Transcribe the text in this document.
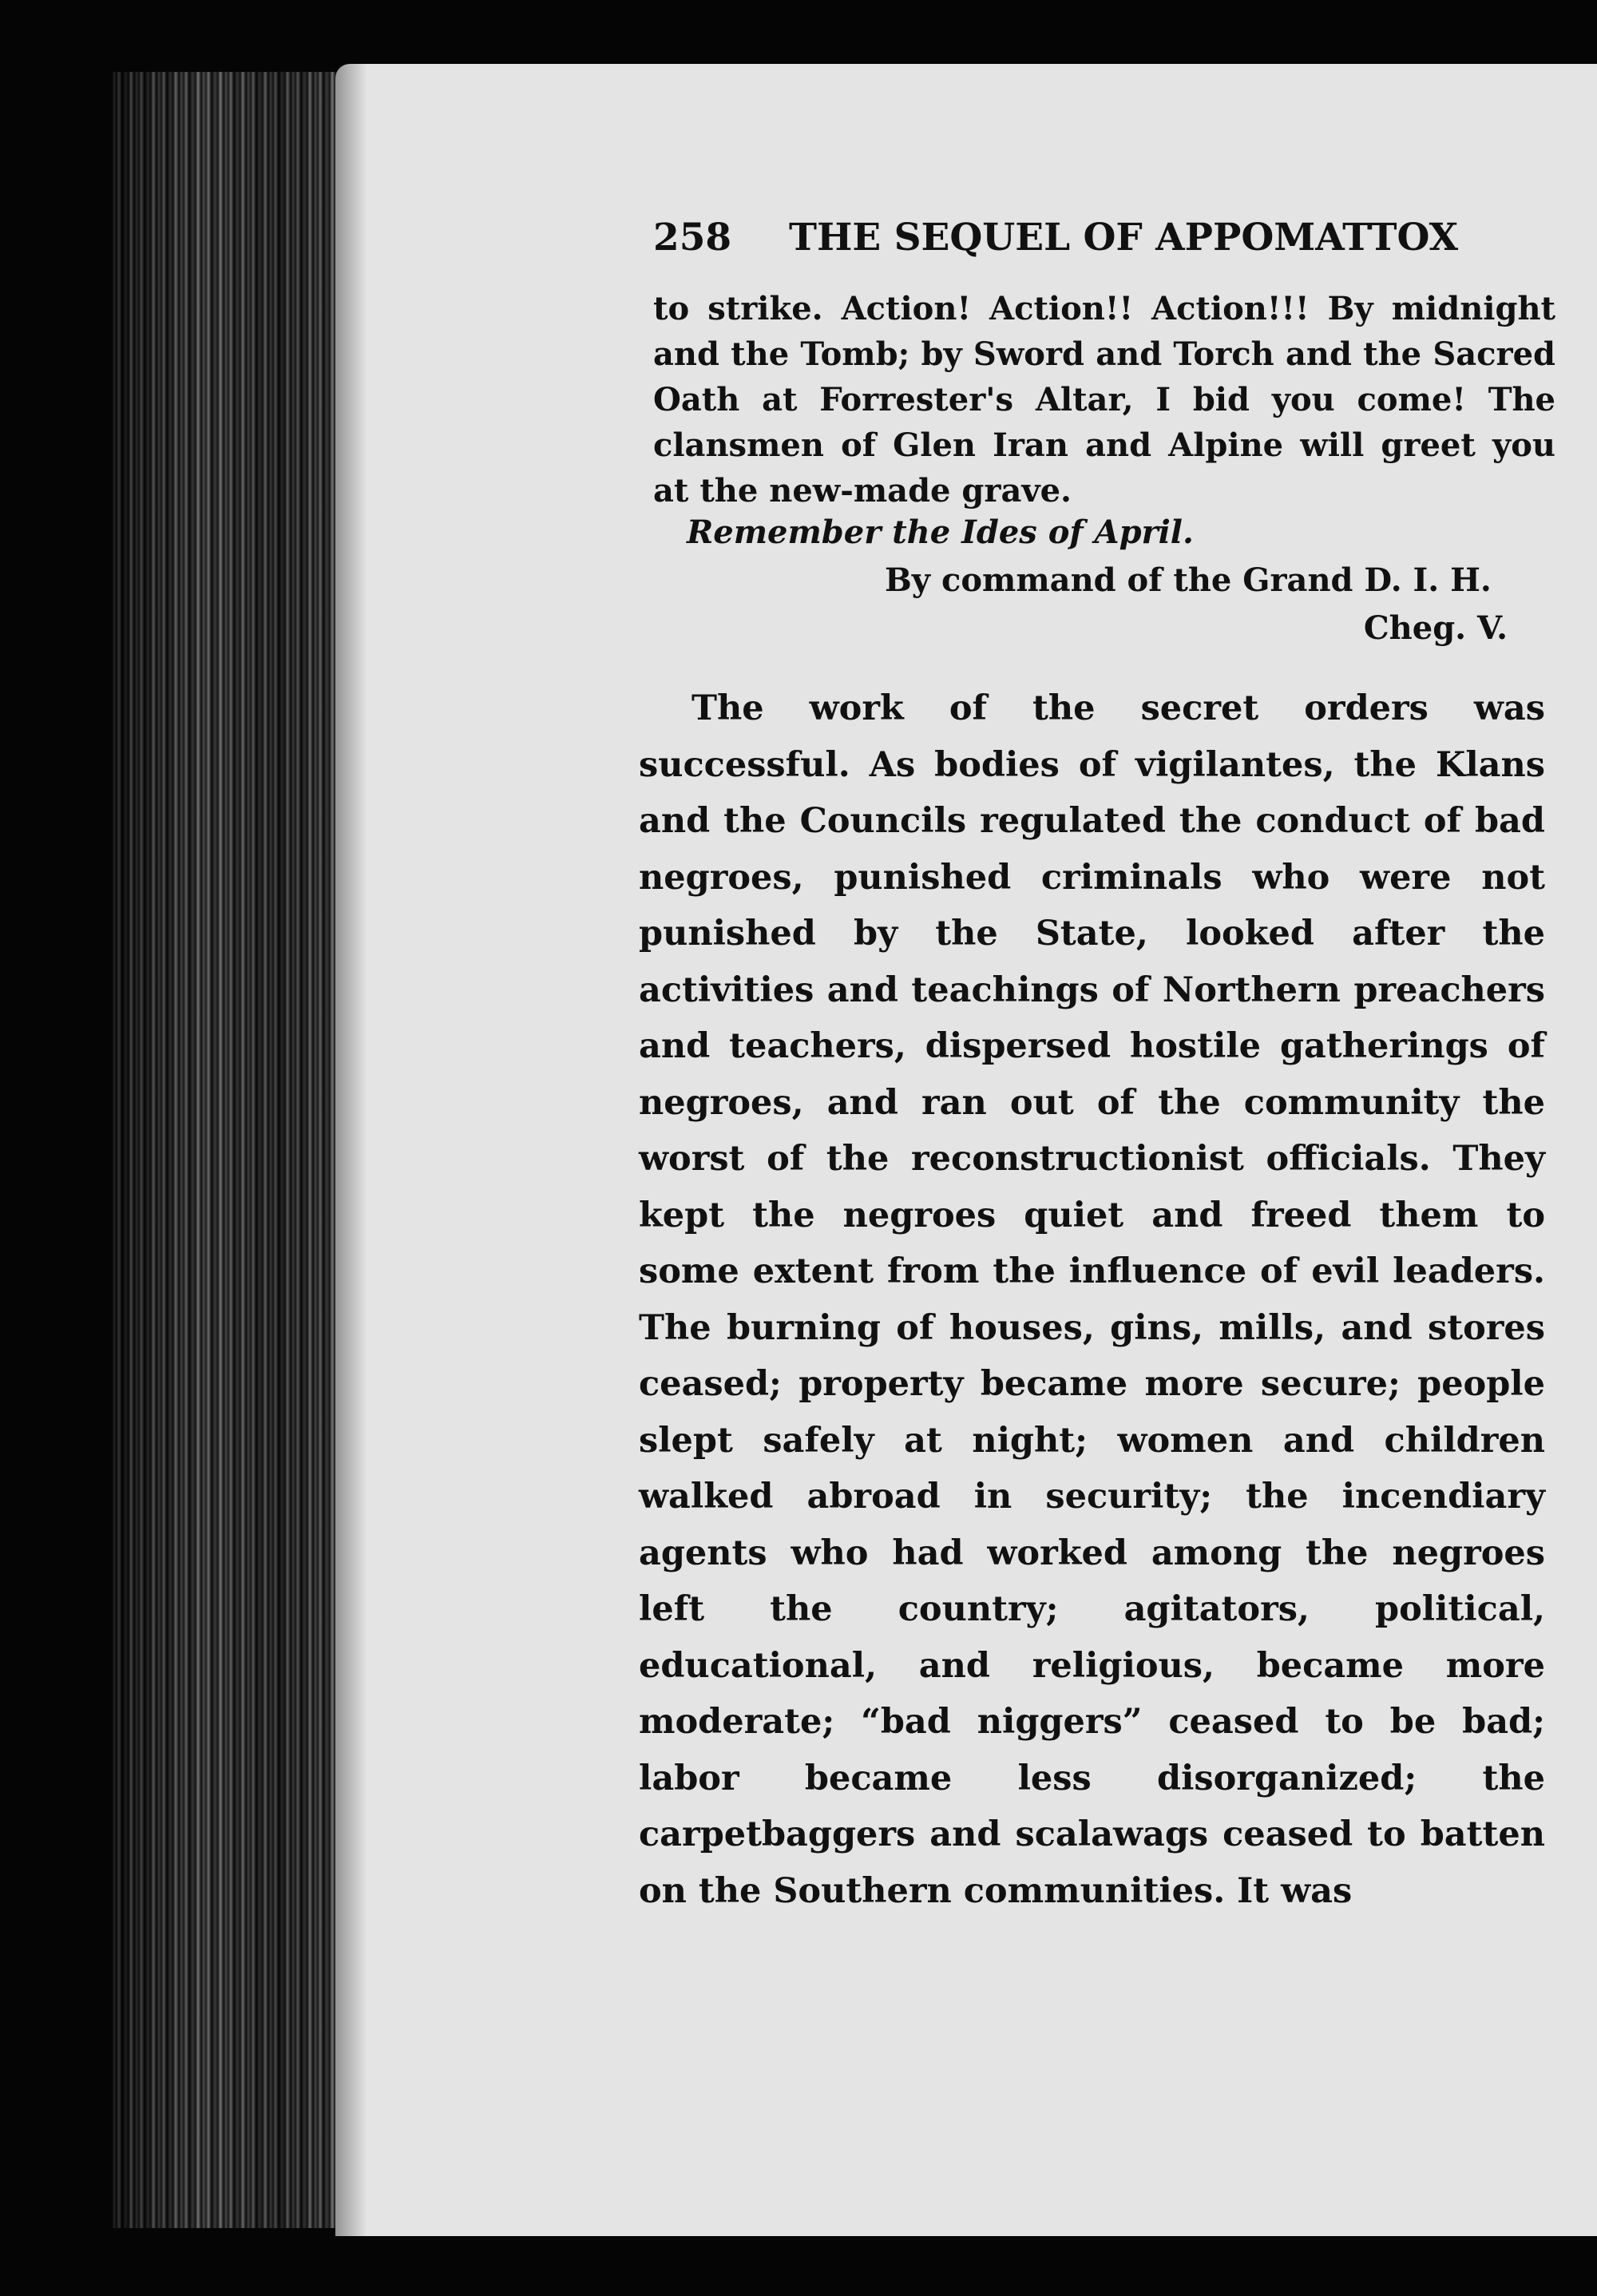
258 THE SEQUEL OF APPOMATTOX

to strike. Action! Action!! Action!!! By midnight and the Tomb; by Sword and Torch and the Sacred Oath at Forrester's Altar, I bid you come! The clansmen of Glen Iran and Alpine will greet you at the new-made grave.

Remember the Ides of April.
By command of the Grand D. I. H.
Cheg. V.

The work of the secret orders was successful. As bodies of vigilantes, the Klans and the Councils regulated the conduct of bad negroes, punished criminals who were not punished by the State, looked after the activities and teachings of Northern preachers and teachers, dispersed hostile gatherings of negroes, and ran out of the community the worst of the reconstructionist officials. They kept the negroes quiet and freed them to some extent from the influence of evil leaders. The burning of houses, gins, mills, and stores ceased; property became more secure; people slept safely at night; women and children walked abroad in security; the incendiary agents who had worked among the negroes left the country; agitators, political, educational, and religious, became more moderate; “bad niggers” ceased to be bad; labor became less disorganized; the carpetbaggers and scalawags ceased to batten on the Southern communities. It was
